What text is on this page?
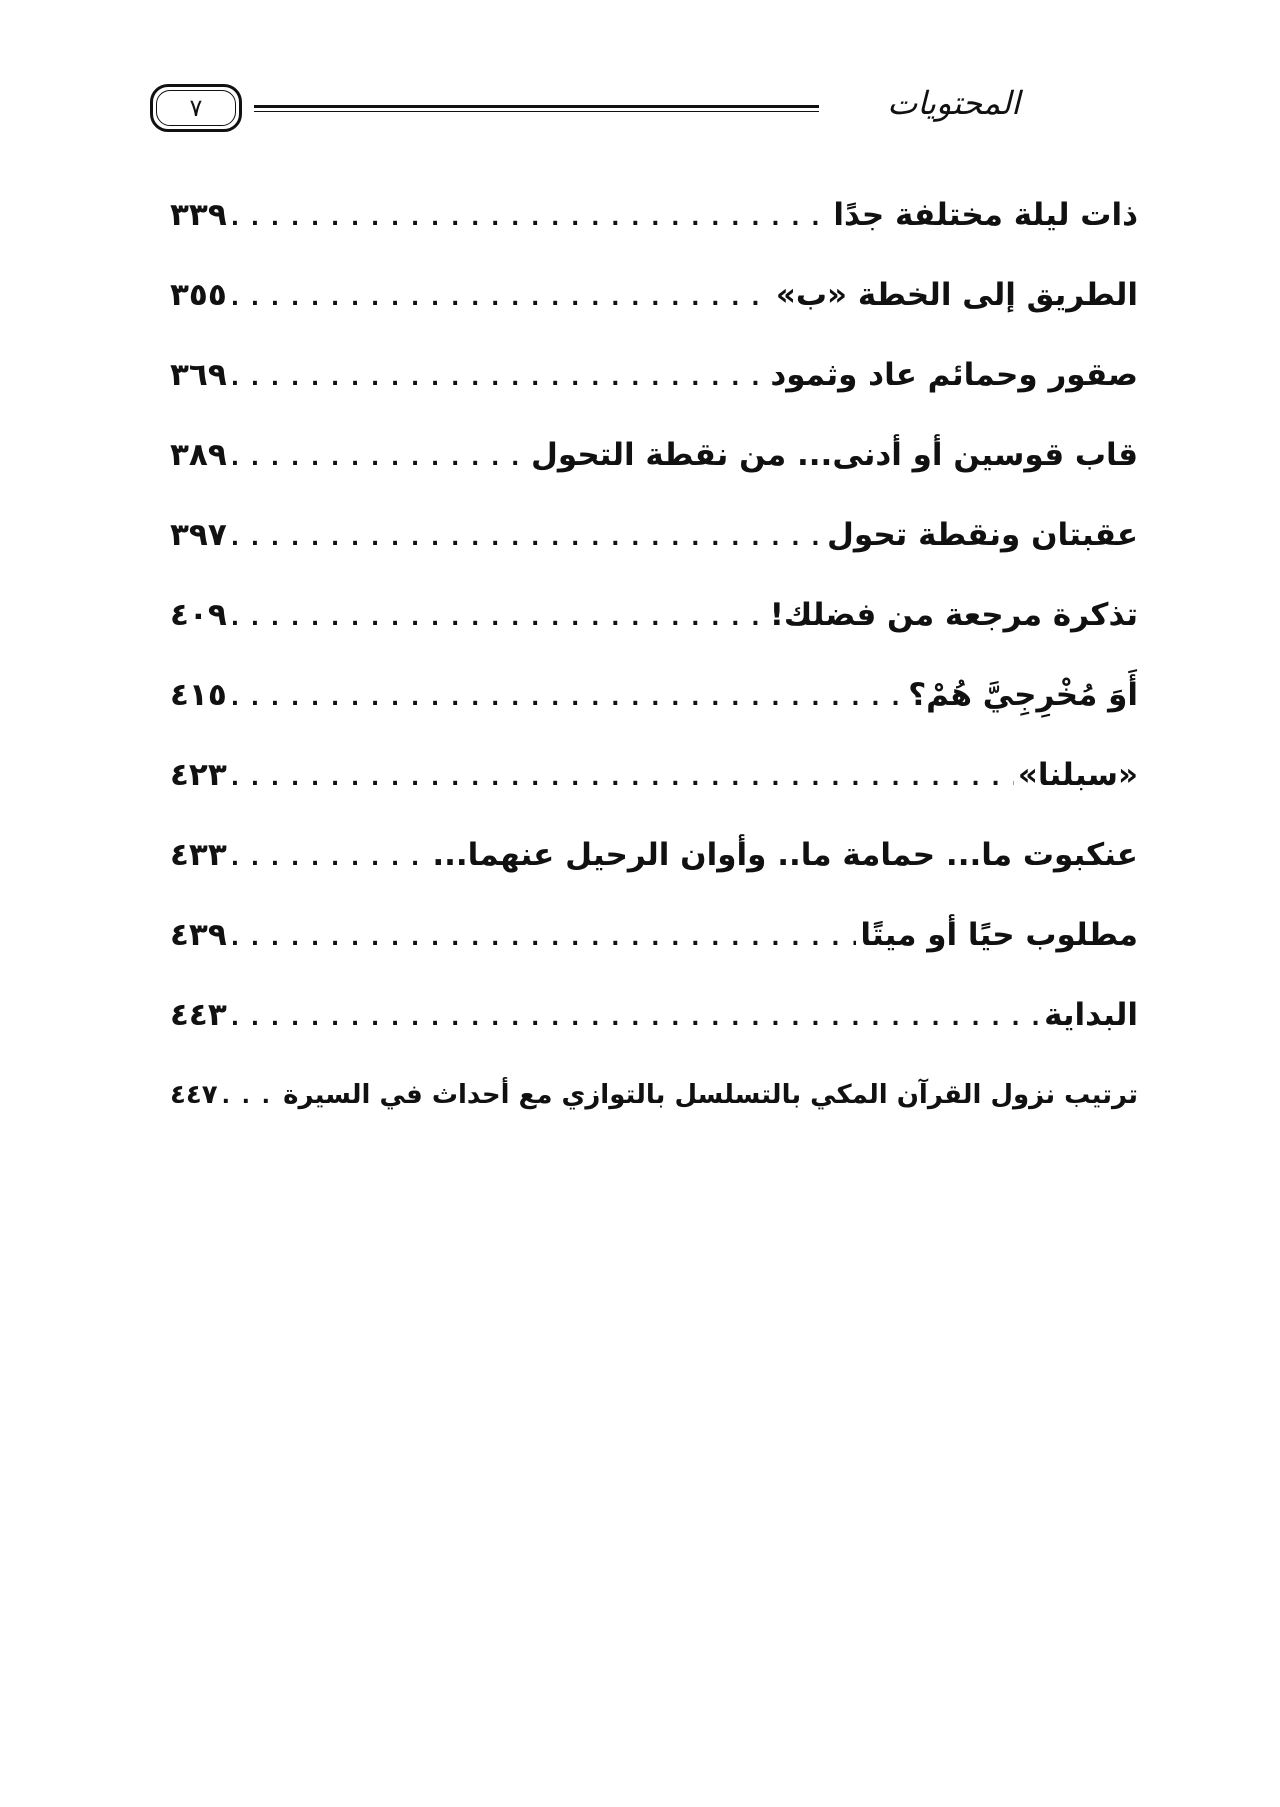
٧	المحتويات
ذات ليلة مختلفة جدًا
. . .
٣٣٩
الطريق إلى الخطة «ب»
. . .
٣٥٥
صقور وحمائم عاد وثمود
. . .
٣٦٩
قاب قوسين أو أدنى... من نقطة التحول
. . .
٣٨٩
عقبتان ونقطة تحول
. . .
٣٩٧
تذكرة مرجعة من فضلك!
. . .
٤٠٩
أَوَ مُخْرِجِيَّ هُمْ؟
. . .
٤١٥
«سبلنا»
. . .
٤٢٣
عنكبوت ما... حمامة ما.. وأوان الرحيل عنهما...
. . .
٤٣٣
مطلوب حيًا أو ميتًا
. . .
٤٣٩
البداية
. . .
٤٤٣
ترتيب نزول القرآن المكي بالتسلسل بالتوازي مع أحداث في السيرة
. . .
٤٤٧
